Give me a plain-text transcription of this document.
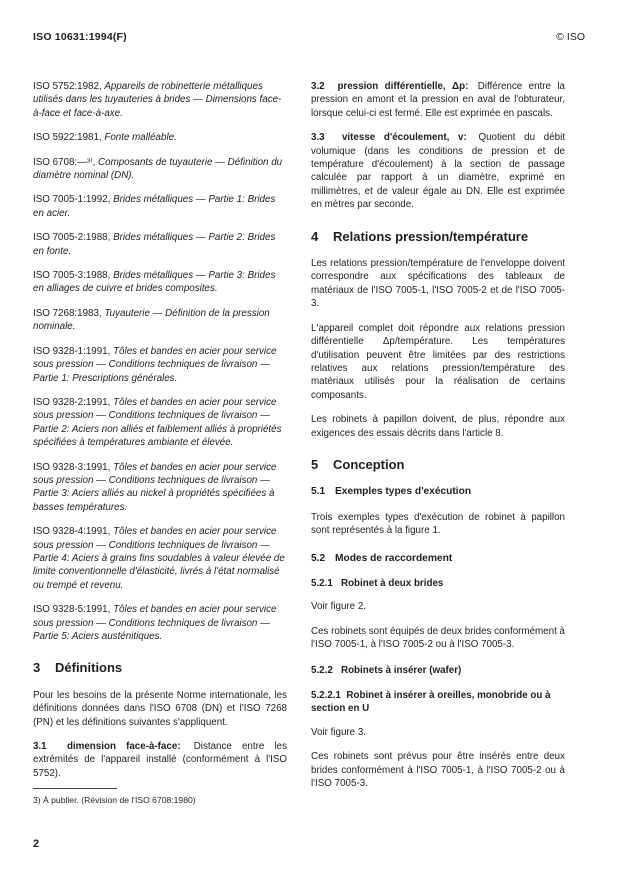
ISO 10631:1994(F)	© ISO

ISO 5752:1982, Appareils de robinetterie métalliques utilisés dans les tuyauteries à brides — Dimensions face-à-face et face-à-axe.

ISO 5922:1981, Fonte malléable.

ISO 6708:—³⁾, Composants de tuyauterie — Définition du diamètre nominal (DN).

ISO 7005-1:1992, Brides métalliques — Partie 1: Brides en acier.

ISO 7005-2:1988, Brides métalliques — Partie 2: Brides en fonte.

ISO 7005-3:1988, Brides métalliques — Partie 3: Brides en alliages de cuivre et brides composites.

ISO 7268:1983, Tuyauterie — Définition de la pression nominale.

ISO 9328-1:1991, Tôles et bandes en acier pour service sous pression — Conditions techniques de livraison — Partie 1: Prescriptions générales.

ISO 9328-2:1991, Tôles et bandes en acier pour service sous pression — Conditions techniques de livraison — Partie 2: Aciers non alliés et faiblement alliés à propriétés spécifiées à températures ambiante et élevée.

ISO 9328-3:1991, Tôles et bandes en acier pour service sous pression — Conditions techniques de livraison — Partie 3: Aciers alliés au nickel à propriétés spécifiées à basses températures.

ISO 9328-4:1991, Tôles et bandes en acier pour service sous pression — Conditions techniques de livraison — Partie 4: Aciers à grains fins soudables à valeur élevée de limite conventionnelle d'élasticité, livrés à l'état normalisé ou trempé et revenu.

ISO 9328-5:1991, Tôles et bandes en acier pour service sous pression — Conditions techniques de livraison — Partie 5: Aciers austénitiques.

3 Définitions

Pour les besoins de la présente Norme internationale, les définitions données dans l'ISO 6708 (DN) et l'ISO 7268 (PN) et les définitions suivantes s'appliquent.

3.1 dimension face-à-face: Distance entre les extrémités de l'appareil installé (conformément à l'ISO 5752).

3.2 pression différentielle, Δp: Différence entre la pression en amont et la pression en aval de l'obturateur, lorsque celui-ci est fermé. Elle est exprimée en pascals.

3.3 vitesse d'écoulement, v: Quotient du débit volumique (dans les conditions de pression et de température d'écoulement) à la section de passage calculée par rapport à un diamètre, exprimé en millimètres, et de valeur égale au DN. Elle est exprimée en mètres par seconde.

4 Relations pression/température

Les relations pression/température de l'enveloppe doivent correspondre aux spécifications des tableaux de matériaux de l'ISO 7005-1, l'ISO 7005-2 et de l'ISO 7005-3.

L'appareil complet doit répondre aux relations pression différentielle Δp/température. Les températures d'utilisation peuvent être limitées par des restrictions relatives aux relations pression/température des matériaux utilisés pour la réalisation de certains composants.

Les robinets à papillon doivent, de plus, répondre aux exigences des essais décrits dans l'article 8.

5 Conception
5.1 Exemples types d'exécution

Trois exemples types d'exécution de robinet à papillon sont représentés à la figure 1.

5.2 Modes de raccordement
5.2.1 Robinet à deux brides

Voir figure 2.

Ces robinets sont équipés de deux brides conformément à l'ISO 7005-1, à l'ISO 7005-2 ou à l'ISO 7005-3.

5.2.2 Robinets à insérer (wafer)
5.2.2.1 Robinet à insérer à oreilles, monobride ou à section en U

Voir figure 3.

Ces robinets sont prévus pour être insérés entre deux brides conformément à l'ISO 7005-1, à l'ISO 7005-2 ou à l'ISO 7005-3.

3) À publier. (Révision de l'ISO 6708:1980)
2
